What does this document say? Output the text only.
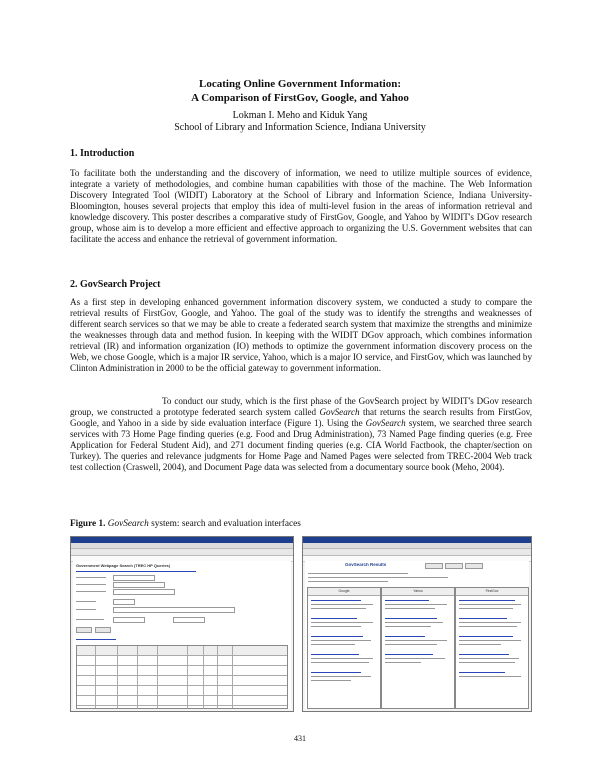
Locating Online Government Information:
A Comparison of FirstGov, Google, and Yahoo
Lokman I. Meho and Kiduk Yang
School of Library and Information Science, Indiana University
1. Introduction

To facilitate both the understanding and the discovery of information, we need to utilize multiple sources of evidence, integrate a variety of methodologies, and combine human capabilities with those of the machine. The Web Information Discovery Integrated Tool (WIDIT) Laboratory at the School of Library and Information Science, Indiana University-Bloomington, houses several projects that employ this idea of multi-level fusion in the areas of information retrieval and knowledge discovery. This poster describes a comparative study of FirstGov, Google, and Yahoo by WIDIT's DGov research group, whose aim is to develop a more efficient and effective approach to organizing the U.S. Government websites that can facilitate the access and enhance the retrieval of government information.

2. GovSearch Project

As a first step in developing enhanced government information discovery system, we conducted a study to compare the retrieval results of FirstGov, Google, and Yahoo. The goal of the study was to identify the strengths and weaknesses of different search services so that we may be able to create a federated search system that maximize the strengths and minimize the weaknesses through data and method fusion. In keeping with the WIDIT DGov approach, which combines information retrieval (IR) and information organization (IO) methods to optimize the government information discovery process on the Web, we chose Google, which is a major IR service, Yahoo, which is a major IO service, and FirstGov, which was launched by Clinton Administration in 2000 to be the official gateway to government information.

To conduct our study, which is the first phase of the GovSearch project by WIDIT's DGov research group, we constructed a prototype federated search system called GovSearch that returns the search results from FirstGov, Google, and Yahoo in a side by side evaluation interface (Figure 1). Using the GovSearch system, we searched three search services with 73 Home Page finding queries (e.g. Food and Drug Administration), 73 Named Page finding queries (e.g. Free Application for Federal Student Aid), and 271 document finding queries (e.g. CIA World Factbook, the chapter/section on Turkey). The queries and relevance judgments for Home Page and Named Pages were selected from TREC-2004 Web track test collection (Craswell, 2004), and Document Page data was selected from a documentary source book (Meho, 2004).

Figure 1. GovSearch system: search and evaluation interfaces
Government Webpage Search (TREC HP Queries)	GovSearch Results
Google	Yahoo	FirstGov
431
